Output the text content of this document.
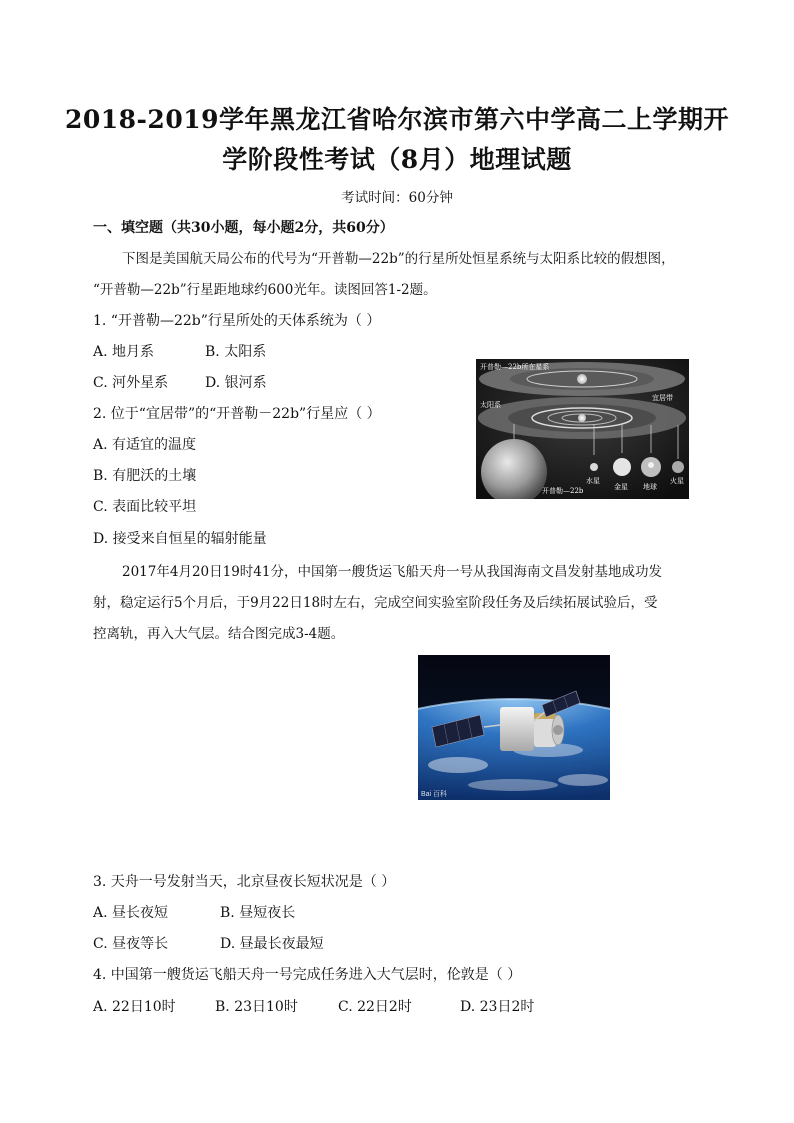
2018-2019学年黑龙江省哈尔滨市第六中学高二上学期开
学阶段性考试（8月）地理试题
考试时间：60分钟
一、填空题（共30小题，每小题2分，共60分）
下图是美国航天局公布的代号为“开普勒—22b”的行星所处恒星系统与太阳系比较的假想图，
“开普勒—22b”行星距地球约600光年。读图回答1-2题。
1. “开普勒—22b”行星所处的天体系统为（ ）
A. 地月系	B. 太阳系
C. 河外星系	D. 银河系
2. 位于“宜居带”的“开普勒－22b”行星应（ ）
A. 有适宜的温度
B. 有肥沃的土壤
C. 表面比较平坦
D. 接受来自恒星的辐射能量
开普勒—22b所在星系
宜居带
太阳系
水星
金星 地球
火星
开普勒—22b
2017年4月20日19时41分，中国第一艘货运飞船天舟一号从我国海南文昌发射基地成功发
射，稳定运行5个月后，于9月22日18时左右，完成空间实验室阶段任务及后续拓展试验后，受
控离轨，再入大气层。结合图完成3-4题。
Bai 百科
3. 天舟一号发射当天，北京昼夜长短状况是（ ）
A. 昼长夜短	B. 昼短夜长
C. 昼夜等长	D. 昼最长夜最短
4. 中国第一艘货运飞船天舟一号完成任务进入大气层时，伦敦是（ ）
A. 22日10时	B. 23日10时	C. 22日2时	D. 23日2时
